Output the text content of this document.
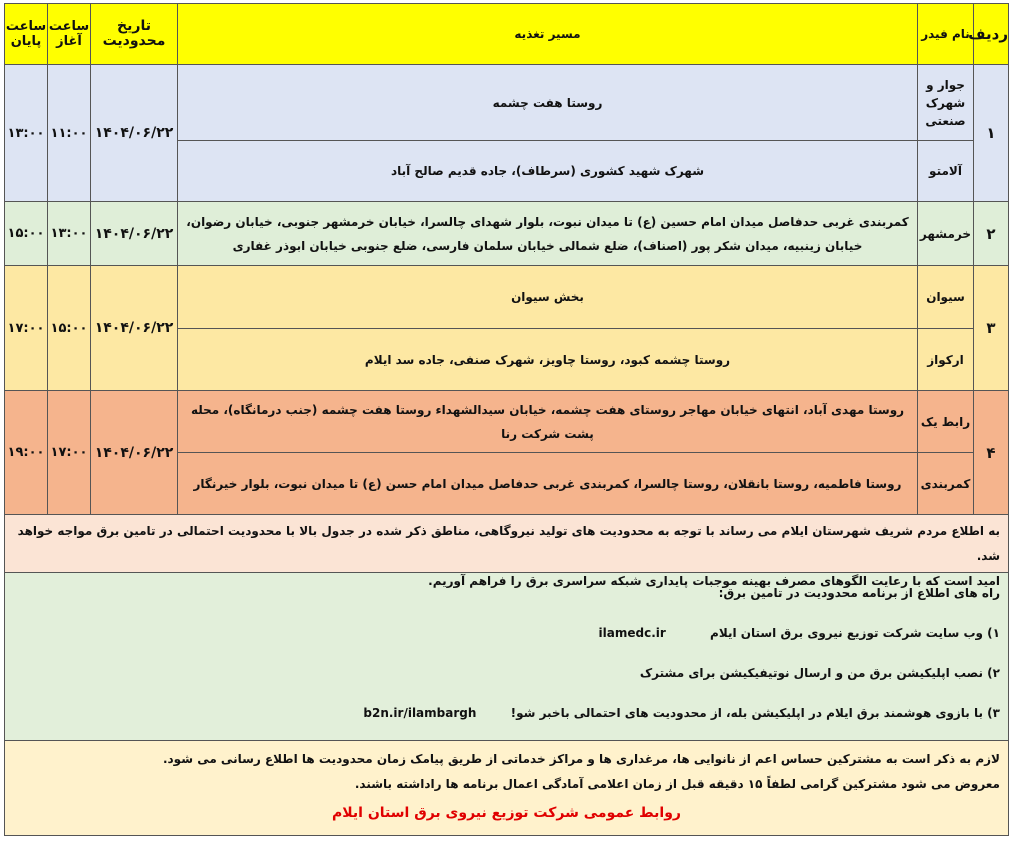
ردیف	نام فیدر	مسیر تغذیه	تاریخ محدودیت	ساعت آغاز	ساعت پایان
۱	جوار و شهرک صنعتی	روستا هفت چشمه	۱۴۰۴/۰۶/۲۲	۱۱:۰۰	۱۳:۰۰
	آلامتو	شهرک شهید کشوری (سرطاف)، جاده قدیم صالح آباد			
۲	خرمشهر	کمربندی غربی حدفاصل میدان امام حسین (ع) تا میدان نبوت، بلوار شهدای چالسرا، خیابان خرمشهر جنوبی، خیابان رضوان، خیابان زینبیه، میدان شکر پور (اصناف)، ضلع شمالی خیابان سلمان فارسی، ضلع جنوبی خیابان ابوذر غفاری	۱۴۰۴/۰۶/۲۲	۱۳:۰۰	۱۵:۰۰
۳	سیوان	بخش سیوان	۱۴۰۴/۰۶/۲۲	۱۵:۰۰	۱۷:۰۰
	ارکواز	روستا چشمه کبود، روستا چاویز، شهرک صنفی، جاده سد ایلام			
۴	رابط یک	روستا مهدی آباد، انتهای خیابان مهاجر روستای هفت چشمه، خیابان سیدالشهداء روستا هفت چشمه (جنب درمانگاه)، محله پشت شرکت رنا	۱۴۰۴/۰۶/۲۲	۱۷:۰۰	۱۹:۰۰
	کمربندی	روستا فاطمیه، روستا بانقلان، روستا چالسرا، کمربندی غربی حدفاصل میدان امام حسن (ع) تا میدان نبوت، بلوار خیرنگار			

به اطلاع مردم شریف شهرستان ایلام می رساند با توجه به محدودیت های تولید نیروگاهی، مناطق ذکر شده در جدول بالا با محدودیت احتمالی در تامین برق مواجه خواهد شد.

امید است که با رعایت الگوهای مصرف بهینه موجبات پایداری شبکه سراسری برق را فراهم آوریم.

راه های اطلاع از برنامه محدودیت در تامین برق:
۱) وب سایت شرکت توزیع نیروی برق استان ایلام ilamedc.ir
۲) نصب اپلیکیشن برق من و ارسال نوتیفیکیشن برای مشترک
۳) با بازوی هوشمند برق ایلام در اپلیکیشن بله، از محدودیت های احتمالی باخبر شو! b2n.ir/ilambargh

لازم به ذکر است به مشترکین حساس اعم از نانوایی ها، مرغداری ها و مراکز خدماتی از طریق پیامک زمان محدودیت ها اطلاع رسانی می شود.

معروض می شود مشترکین گرامی لطفاً ۱۵ دقیقه قبل از زمان اعلامی آمادگی اعمال برنامه ها راداشته باشند.

روابط عمومی شرکت توزیع نیروی برق استان ایلام
